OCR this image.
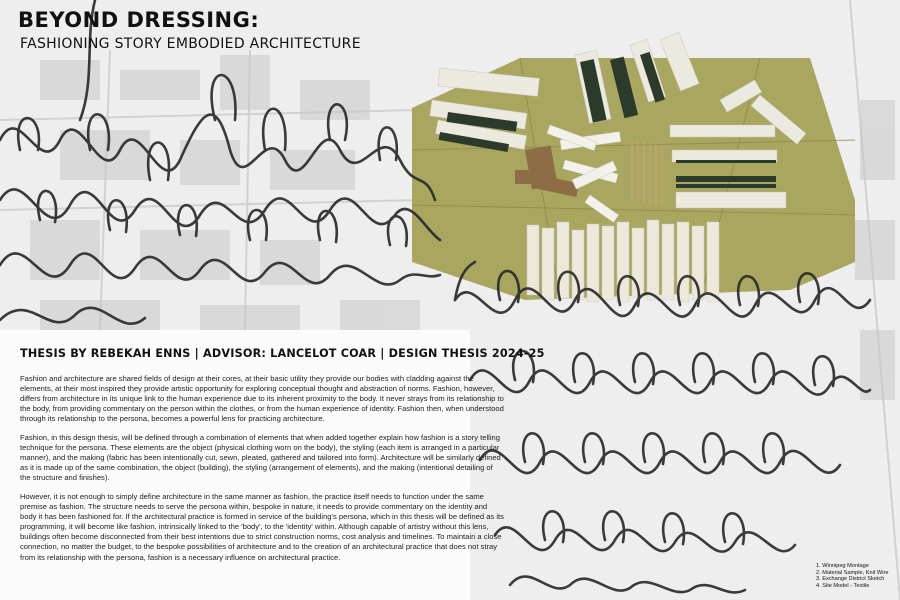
BEYOND DRESSING:
FASHIONING STORY EMBODIED ARCHITECTURE
THESIS BY REBEKAH ENNS | ADVISOR: LANCELOT COAR | DESIGN THESIS 2024-25

Fashion and architecture are shared fields of design at their cores, at their basic utility they provide our bodies with cladding against the elements, at their most inspired they provide artistic opportunity for exploring conceptual thought and abstraction of norms. Fashion, however, differs from architecture in its unique link to the human experience due to its inherent proximity to the body. It never strays from its relationship to the body, from providing commentary on the person within the clothes, or from the human experience of identity. Fashion then, when understood through its relationship to the persona, becomes a powerful lens for practicing architecture.

Fashion, in this design thesis, will be defined through a combination of elements that when added together explain how fashion is a story telling technique for the persona. These elements are the object (physical clothing worn on the body), the styling (each item is arranged in a particular manner), and the making (fabric has been intentionally cut, sewn, pleated, gathered and tailored into form). Architecture will be similarly defined as it is made up of the same combination, the object (building), the styling (arrangement of elements), and the making (intentional detailing of the structure and finishes).

However, it is not enough to simply define architecture in the same manner as fashion, the practice itself needs to function under the same premise as fashion. The structure needs to serve the persona within, bespoke in nature, it needs to provide commentary on the identity and body it has been fashioned for. If the architectural practice is formed in service of the building's persona, which in this thesis will be defined as its programming, it will become like fashion, intrinsically linked to the 'body', to the 'identity' within. Although capable of artistry without this lens, buildings often become disconnected from their best intentions due to strict construction norms, cost analysis and timelines. To maintain a close connection, no matter the budget, to the bespoke possibilities of architecture and to the creation of an architectural practice that does not stray from its relationship with the persona, fashion is a necessary influence on architectural practice.

1. Winnipeg Montage
2. Material Sample, Knit Wire
3. Exchange District Sketch
4. Site Model - Textile
